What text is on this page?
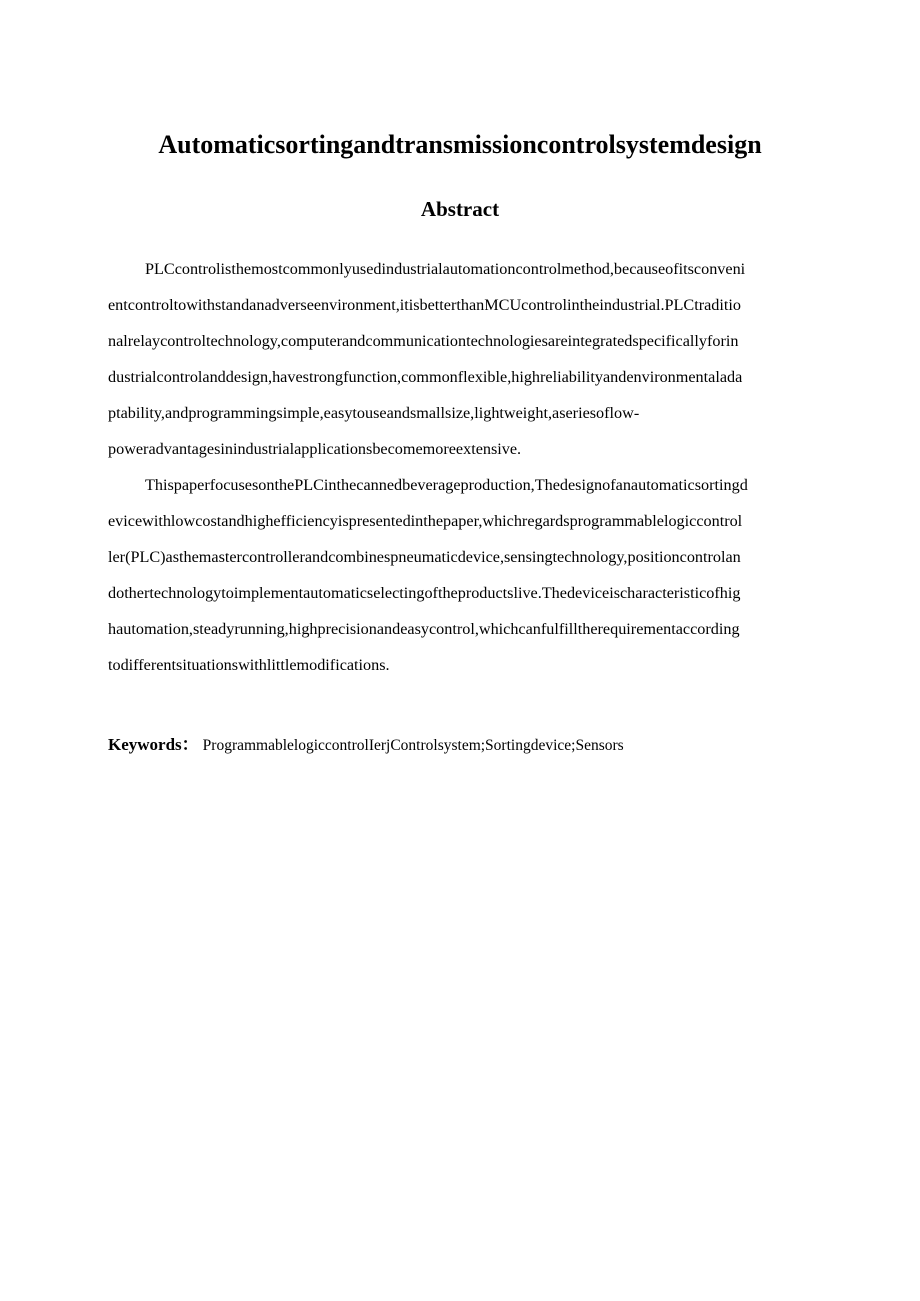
Automaticsortingandtransmissioncontrolsystemdesign
Abstract

PLCcontrolisthemostcommonlyusedindustrialautomationcontrolmethod,becauseofitsconveni

entcontroltowithstandanadverseenvironment,itisbetterthanMCUcontrolintheindustrial.PLCtraditio

nalrelaycontroltechnology,computerandcommunicationtechnologiesareintegratedspecificallyforin

dustrialcontrolanddesign,havestrongfunction,commonflexible,highreliabilityandenvironmentalada

ptability,andprogrammingsimple,easytouseandsmallsize,lightweight,aseriesoflow-

poweradvantagesinindustrialapplicationsbecomemoreextensive.

ThispaperfocusesonthePLCinthecannedbeverageproduction,Thedesignofanautomaticsortingd

evicewithlowcostandhighefficiencyispresentedinthepaper,whichregardsprogrammablelogiccontrol

ler(PLC)asthemastercontrollerandcombinespneumaticdevice,sensingtechnology,positioncontrolan

dothertechnologytoimplementautomaticselectingoftheproductslive.Thedeviceischaracteristicofhig

hautomation,steadyrunning,highprecisionandeasycontrol,whichcanfulfilltherequirementaccording

todifferentsituationswithlittlemodifications.

Keywords： ProgrammablelogiccontrolIerjControlsystem;Sortingdevice;Sensors
